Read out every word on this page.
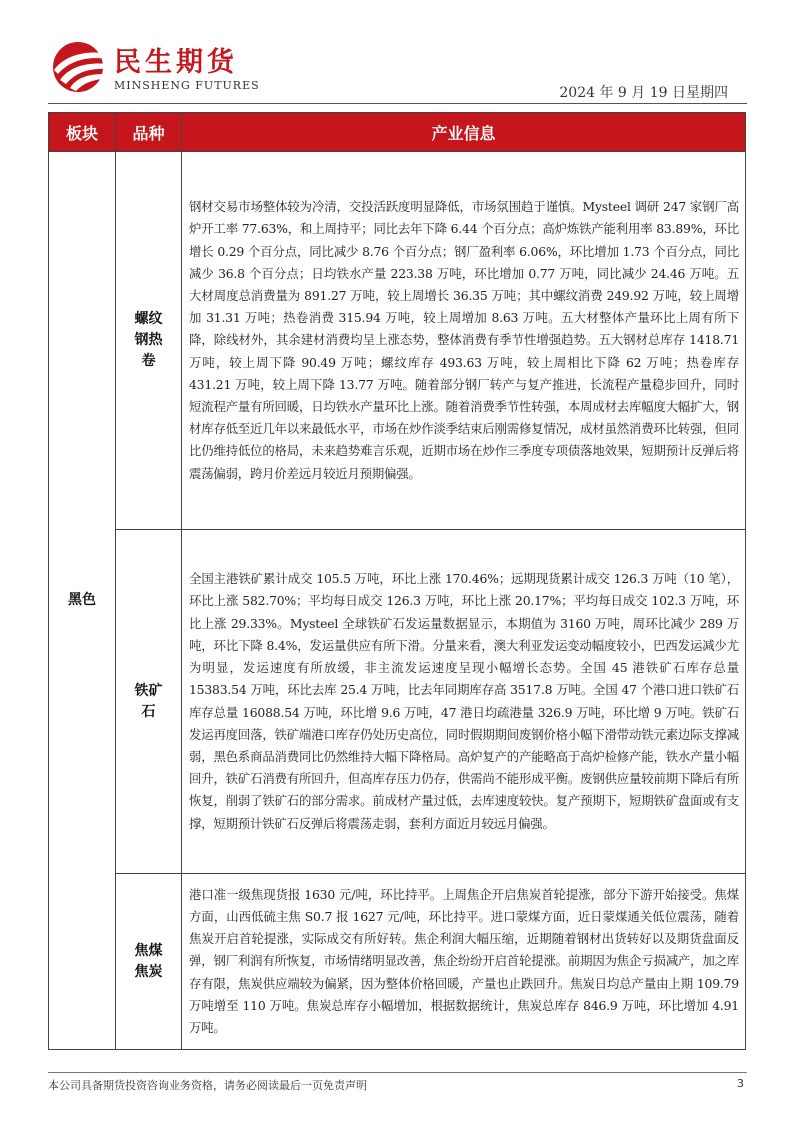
民生期货
MINSHENG FUTURES	2024 年 9 月 19 日星期四
板块	品种	产业信息
黑色	螺纹钢热卷	钢材交易市场整体较为冷清，交投活跃度明显降低，市场氛围趋于谨慎。Mysteel 调研 247 家钢厂高炉开工率 77.63%，和上周持平；同比去年下降 6.44 个百分点；高炉炼铁产能利用率 83.89%，环比增长 0.29 个百分点，同比减少 8.76 个百分点；钢厂盈利率 6.06%，环比增加 1.73 个百分点，同比减少 36.8 个百分点；日均铁水产量 223.38 万吨，环比增加 0.77 万吨，同比减少 24.46 万吨。五大材周度总消费量为 891.27 万吨，较上周增长 36.35 万吨；其中螺纹消费 249.92 万吨，较上周增加 31.31 万吨；热卷消费 315.94 万吨，较上周增加 8.63 万吨。五大材整体产量环比上周有所下降，除线材外，其余建材消费均呈上涨态势，整体消费有季节性增强趋势。五大钢材总库存 1418.71 万吨，较上周下降 90.49 万吨；螺纹库存 493.63 万吨，较上周相比下降 62 万吨；热卷库存 431.21 万吨，较上周下降 13.77 万吨。随着部分钢厂转产与复产推进，长流程产量稳步回升，同时短流程产量有所回暖，日均铁水产量环比上涨。随着消费季节性转强，本周成材去库幅度大幅扩大，钢材库存低至近几年以来最低水平，市场在炒作淡季结束后刚需修复情况，成材虽然消费环比转强，但同比仍维持低位的格局，未来趋势难言乐观，近期市场在炒作三季度专项债落地效果，短期预计反弹后将震荡偏弱，跨月价差远月较近月预期偏强。

	铁矿石	全国主港铁矿累计成交 105.5 万吨，环比上涨 170.46%；远期现货累计成交 126.3 万吨（10 笔），环比上涨 582.70%；平均每日成交 126.3 万吨，环比上涨 20.17%；平均每日成交 102.3 万吨，环比上涨 29.33%。Mysteel 全球铁矿石发运量数据显示，本期值为 3160 万吨，周环比减少 289 万吨，环比下降 8.4%，发运量供应有所下滑。分量来看，澳大利亚发运变动幅度较小，巴西发运减少尤为明显，发运速度有所放缓，非主流发运速度呈现小幅增长态势。全国 45 港铁矿石库存总量 15383.54 万吨，环比去库 25.4 万吨，比去年同期库存高 3517.8 万吨。全国 47 个港口进口铁矿石库存总量 16088.54 万吨，环比增 9.6 万吨，47 港日均疏港量 326.9 万吨，环比增 9 万吨。铁矿石发运再度回落，铁矿端港口库存仍处历史高位，同时假期期间废钢价格小幅下滑带动铁元素边际支撑减弱，黑色系商品消费同比仍然维持大幅下降格局。高炉复产的产能略高于高炉检修产能，铁水产量小幅回升，铁矿石消费有所回升，但高库存压力仍存，供需尚不能形成平衡。废钢供应量较前期下降后有所恢复，削弱了铁矿石的部分需求。前成材产量过低，去库速度较快。复产预期下，短期铁矿盘面或有支撑，短期预计铁矿石反弹后将震荡走弱，套利方面近月较远月偏强。

	焦煤焦炭	港口准一级焦现货报 1630 元/吨，环比持平。上周焦企开启焦炭首轮提涨，部分下游开始接受。焦煤方面，山西低硫主焦 S0.7 报 1627 元/吨，环比持平。进口蒙煤方面，近日蒙煤通关低位震荡，随着焦炭开启首轮提涨，实际成交有所好转。焦企利润大幅压缩，近期随着钢材出货转好以及期货盘面反弹，钢厂利润有所恢复，市场情绪明显改善，焦企纷纷开启首轮提涨。前期因为焦企亏损减产，加之库存有限，焦炭供应端较为偏紧，因为整体价格回暖，产量也止跌回升。焦炭日均总产量由上期 109.79 万吨增至 110 万吨。焦炭总库存小幅增加，根据数据统计，焦炭总库存 846.9 万吨，环比增加 4.91 万吨。
本公司具备期货投资咨询业务资格，请务必阅读最后一页免责声明	3
